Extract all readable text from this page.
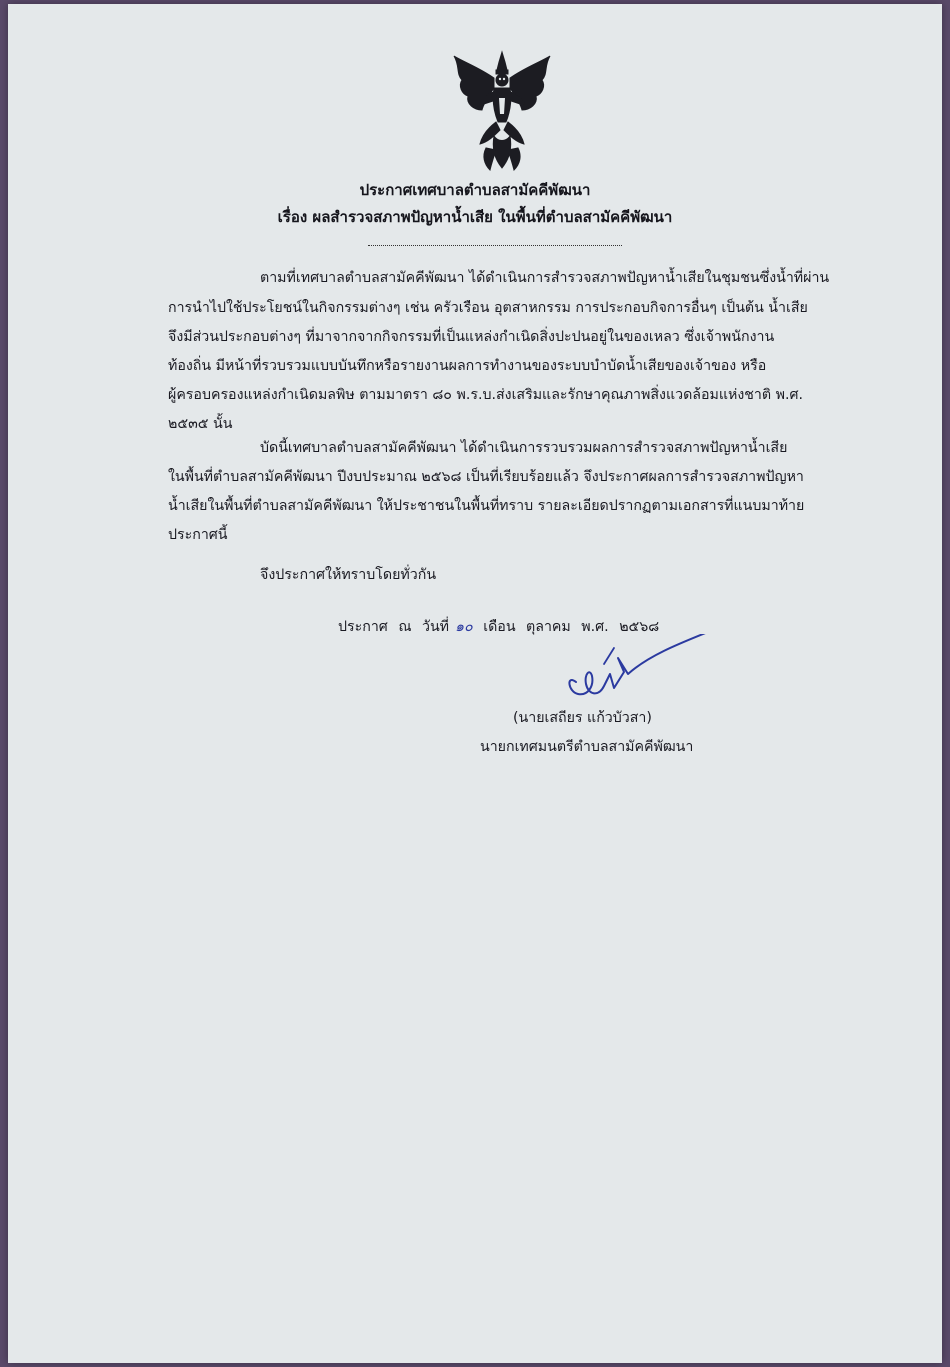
ประกาศเทศบาลตำบลสามัคคีพัฒนา
เรื่อง ผลสำรวจสภาพปัญหาน้ำเสีย ในพื้นที่ตำบลสามัคคีพัฒนา
ตามที่เทศบาลตำบลสามัคคีพัฒนา ได้ดำเนินการสำรวจสภาพปัญหาน้ำเสียในชุมชนซึ่งน้ำที่ผ่าน
การนำไปใช้ประโยชน์ในกิจกรรมต่างๆ เช่น ครัวเรือน อุตสาหกรรม การประกอบกิจการอื่นๆ เป็นต้น น้ำเสีย
จึงมีส่วนประกอบต่างๆ ที่มาจากจากกิจกรรมที่เป็นแหล่งกำเนิดสิ่งปะปนอยู่ในของเหลว ซึ่งเจ้าพนักงาน
ท้องถิ่น มีหน้าที่รวบรวมแบบบันทึกหรือรายงานผลการทำงานของระบบบำบัดน้ำเสียของเจ้าของ หรือ
ผู้ครอบครองแหล่งกำเนิดมลพิษ ตามมาตรา ๘๐ พ.ร.บ.ส่งเสริมและรักษาคุณภาพสิ่งแวดล้อมแห่งชาติ พ.ศ.
๒๕๓๕ นั้น
บัดนี้เทศบาลตำบลสามัคคีพัฒนา ได้ดำเนินการรวบรวมผลการสำรวจสภาพปัญหาน้ำเสีย
ในพื้นที่ตำบลสามัคคีพัฒนา ปีงบประมาณ ๒๕๖๘ เป็นที่เรียบร้อยแล้ว จึงประกาศผลการสำรวจสภาพปัญหา
น้ำเสียในพื้นที่ตำบลสามัคคีพัฒนา ให้ประชาชนในพื้นที่ทราบ รายละเอียดปรากฏตามเอกสารที่แนบมาท้าย
ประกาศนี้
จึงประกาศให้ทราบโดยทั่วกัน
ประกาศ ณ วันที่ ๑๐ เดือน ตุลาคม พ.ศ. ๒๕๖๘
(นายเสถียร แก้วบัวสา)
นายกเทศมนตรีตำบลสามัคคีพัฒนา
